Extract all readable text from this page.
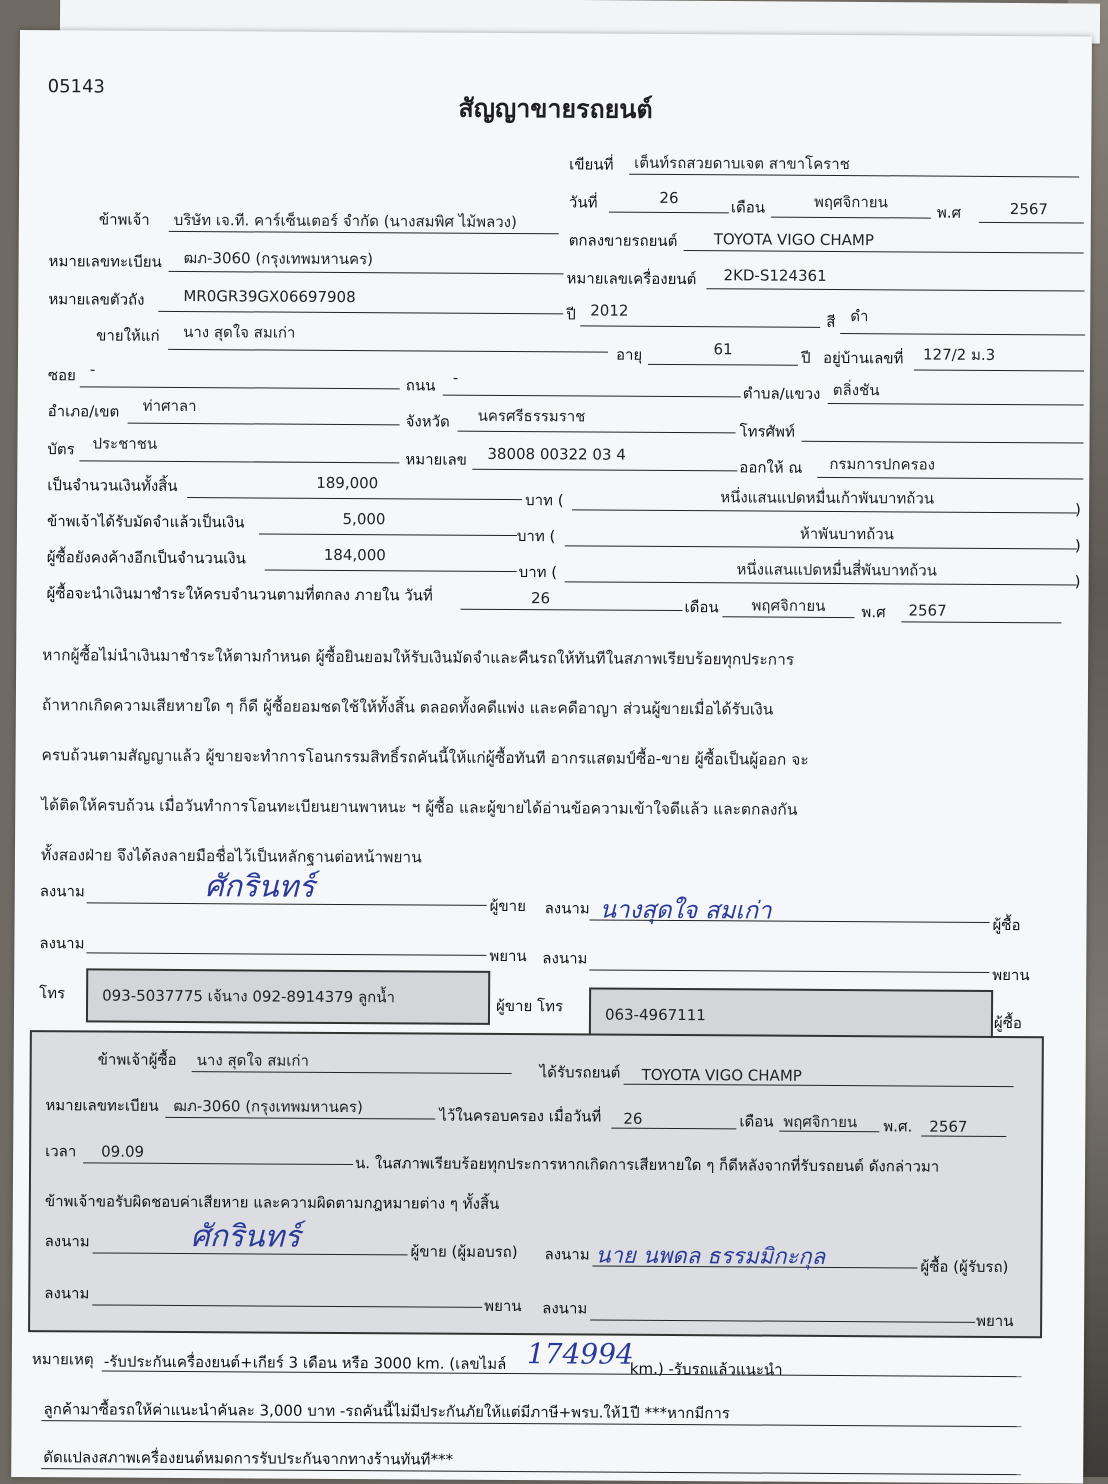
05143
สัญญาขายรถยนต์
เขียนที่ เต็นท์รถสวยดาบเจต สาขาโคราช
วันที่	26
เดือน	พฤศจิกายน
พ.ศ	2567
ข้าพเจ้า บริษัท เจ.ที. คาร์เซ็นเตอร์ จำกัด (นางสมพิศ ไม้พลวง)
ตกลงขายรถยนต์ TOYOTA VIGO CHAMP
หมายเลขทะเบียน ฒภ-3060 (กรุงเทพมหานคร)
หมายเลขเครื่องยนต์ 2KD-S124361
หมายเลขตัวถัง	MR0GR39GX06697908
ปี 2012
สี ดำ
ขายให้แก่ นาง สุดใจ สมเก่า
อายุ	61	ปี อยู่บ้านเลขที่ 127/2 ม.3
ซอย -
ถนน -
ตำบล/แขวง ตลิ่งชัน
อำเภอ/เขต ท่าศาลา
จังหวัด นครศรีธรรมราช
โทรศัพท์
บัตร ประชาชน
หมายเลข 38008 00322 03 4
ออกให้ ณ กรมการปกครอง
เป็นจำนวนเงินทั้งสิ้น	189,000
บาท (	หนึ่งแสนแปดหมื่นเก้าพันบาทถ้วน
)
ข้าพเจ้าได้รับมัดจำแล้วเป็นเงิน	5,000
บาท (	ห้าพันบาทถ้วน
)
ผู้ซื้อยังคงค้างอีกเป็นจำนวนเงิน	184,000
บาท (	หนึ่งแสนแปดหมื่นสี่พันบาทถ้วน
)
ผู้ซื้อจะนำเงินมาชำระให้ครบจำนวนตามที่ตกลง ภายใน วันที่	26	เดือน	พฤศจิกายน	พ.ศ 2567
หากผู้ซื้อไม่นำเงินมาชำระให้ตามกำหนด ผู้ซื้อยินยอมให้รับเงินมัดจำและคืนรถให้ทันทีในสภาพเรียบร้อยทุกประการ
ถ้าหากเกิดความเสียหายใด ๆ ก็ดี ผู้ซื้อยอมชดใช้ให้ทั้งสิ้น ตลอดทั้งคดีแพ่ง และคดีอาญา ส่วนผู้ขายเมื่อได้รับเงิน
ครบถ้วนตามสัญญาแล้ว ผู้ขายจะทำการโอนกรรมสิทธิ์รถคันนี้ให้แก่ผู้ซื้อทันที อากรแสตมป์ซื้อ-ขาย ผู้ซื้อเป็นผู้ออก จะ
ได้ติดให้ครบถ้วน เมื่อวันทำการโอนทะเบียนยานพาหนะ ฯ ผู้ซื้อ และผู้ขายได้อ่านข้อความเข้าใจดีแล้ว และตกลงกัน
ทั้งสองฝ่าย จึงได้ลงลายมือชื่อไว้เป็นหลักฐานต่อหน้าพยาน
ลงนาม	ศักรินทร์
ผู้ขาย ลงนาม นางสุดใจ สมเก่า
ผู้ซื้อ
ลงนาม
พยาน ลงนาม
พยาน
โทร 093-5037775 เจ้นาง 092-8914379 ลูกน้ำ	ผู้ขาย โทร	063-4967111	ผู้ซื้อ
ข้าพเจ้าผู้ซื้อ นาง สุดใจ สมเก่า
ได้รับรถยนต์ TOYOTA VIGO CHAMP
หมายเลขทะเบียน ฒภ-3060 (กรุงเทพมหานคร)	ไว้ในครอบครอง เมื่อวันที่ 26	เดือน พฤศจิกายน พ.ศ. 2567
เวลา 09.09
น. ในสภาพเรียบร้อยทุกประการหากเกิดการเสียหายใด ๆ ก็ดีหลังจากที่รับรถยนต์ ดังกล่าวมา
ข้าพเจ้าขอรับผิดชอบค่าเสียหาย และความผิดตามกฎหมายต่าง ๆ ทั้งสิ้น
ลงนาม	ศักรินทร์	ผู้ขาย (ผู้มอบรถ) ลงนาม นาย นพดล ธรรมมิกะกุล	ผู้ซื้อ (ผู้รับรถ)
ลงนาม
พยาน ลงนาม
พยาน
หมายเหตุ -รับประกันเครื่องยนต์+เกียร์ 3 เดือน หรือ 3000 km. (เลขไมล์ 174994
km.) -รับรถแล้วแนะนำ
ลูกค้ามาซื้อรถให้ค่าแนะนำคันละ 3,000 บาท -รถคันนี้ไม่มีประกันภัยให้แต่มีภาษี+พรบ.ให้1ปี ***หากมีการ
ดัดแปลงสภาพเครื่องยนต์หมดการรับประกันจากทางร้านทันที***
